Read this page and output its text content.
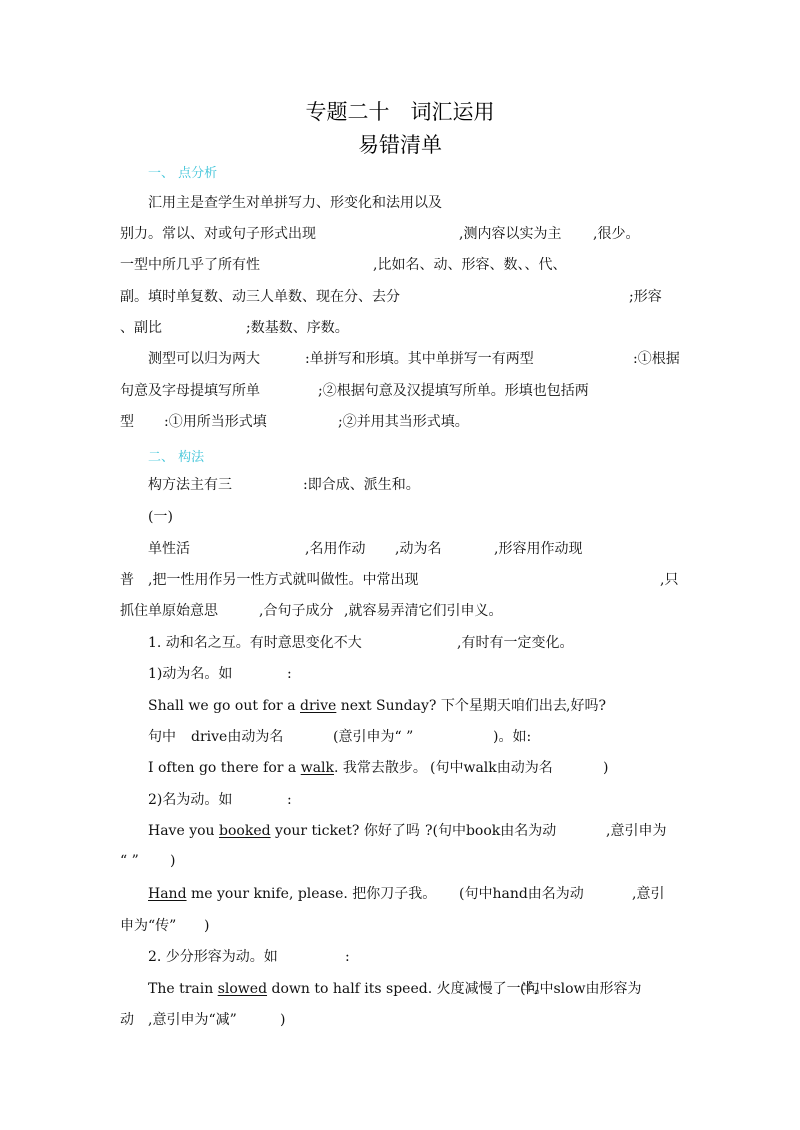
专题二十　词汇运用
易错清单
一、 点分析
汇用主是查学生对单拼写力、形变化和法用以及
别力。常以、对或句子形式出现	,测内容以实为主 ,很少。
一型中所几乎了所有性	,比如名、动、形容、数、、代、
副。填时单复数、动三人单数、现在分、去分	;形容
、副比	;数基数、序数。
测型可以归为两大	:单拼写和形填。其中单拼写一有两型	:①根据
句意及字母提填写所单	;②根据句意及汉提填写所单。形填也包括两
型 :①用所当形式填	;②并用其当形式填。
二、 构法
构方法主有三	:即合成、派生和。
(一)
单性活	,名用作动 ,动为名	,形容用作动现
普 ,把一性用作另一性方式就叫做性。中常出现	,只
抓住单原始意思	,合句子成分 ,就容易弄清它们引申义。
1. 动和名之互。有时意思变化不大	,有时有一定变化。
1)动为名。如	:
Shall we go out for a drive next Sunday? 下个星期天咱们出去 ,好吗?
句中 drive由动为名	(意引申为“ ”	)。如:
I often go there for a walk. 我常去散步。 (句中walk由动为名	)
2)名为动。如	:
Have you booked your ticket? 你好了吗 ?(句中book由名为动	,意引申为
“ ” )
Hand me your knife, please. 把你刀子我。 (句中hand由名为动	,意引
申为“传” )
2. 少分形容为动。如	:
The train slowed down to half its speed. 火度减慢了一半。
(句中slow由形容为
动 ,意引申为“减”	)
